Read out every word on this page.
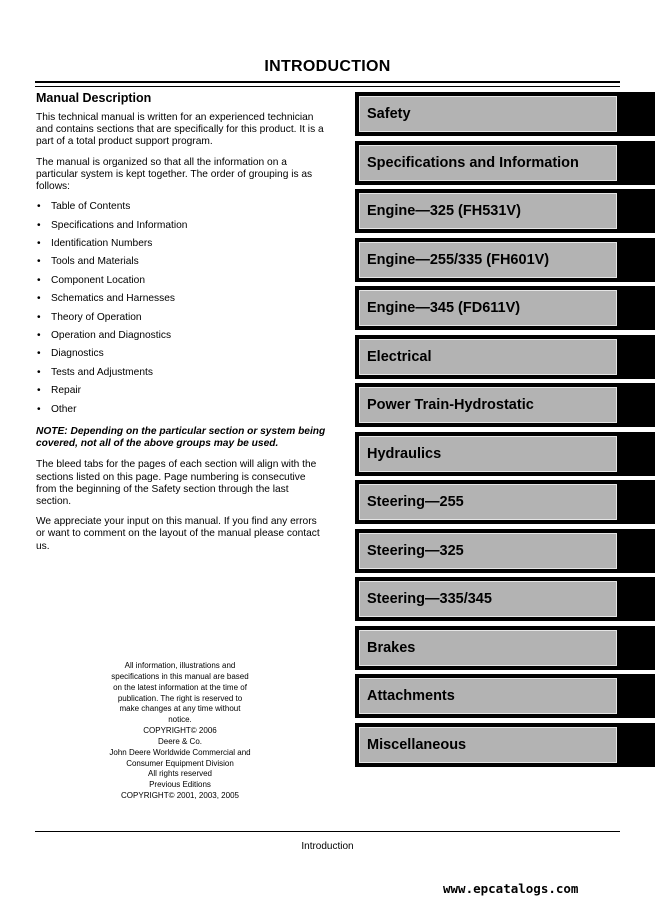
INTRODUCTION
Manual Description

This technical manual is written for an experienced technician and contains sections that are specifically for this product. It is a part of a total product support program.

The manual is organized so that all the information on a particular system is kept together. The order of grouping is as follows:

• Table of Contents
• Specifications and Information
• Identification Numbers
• Tools and Materials
• Component Location
• Schematics and Harnesses
• Theory of Operation
• Operation and Diagnostics
• Diagnostics
• Tests and Adjustments
• Repair
• Other

NOTE: Depending on the particular section or system being covered, not all of the above groups may be used.

The bleed tabs for the pages of each section will align with the sections listed on this page. Page numbering is consecutive from the beginning of the Safety section through the last section.

We appreciate your input on this manual. If you find any errors or want to comment on the layout of the manual please contact us.

All information, illustrations and
specifications in this manual are based
on the latest information at the time of
publication. The right is reserved to
make changes at any time without
notice.
COPYRIGHT© 2006
Deere & Co.
John Deere Worldwide Commercial and
Consumer Equipment Division
All rights reserved
Previous Editions
COPYRIGHT© 2001, 2003, 2005
Safety
Specifications and Information
Engine—325 (FH531V)
Engine—255/335 (FH601V)
Engine—345 (FD611V)
Electrical
Power Train-Hydrostatic
Hydraulics
Steering—255
Steering—325
Steering—335/345
Brakes
Attachments
Miscellaneous
Introduction
www.epcatalogs.com
